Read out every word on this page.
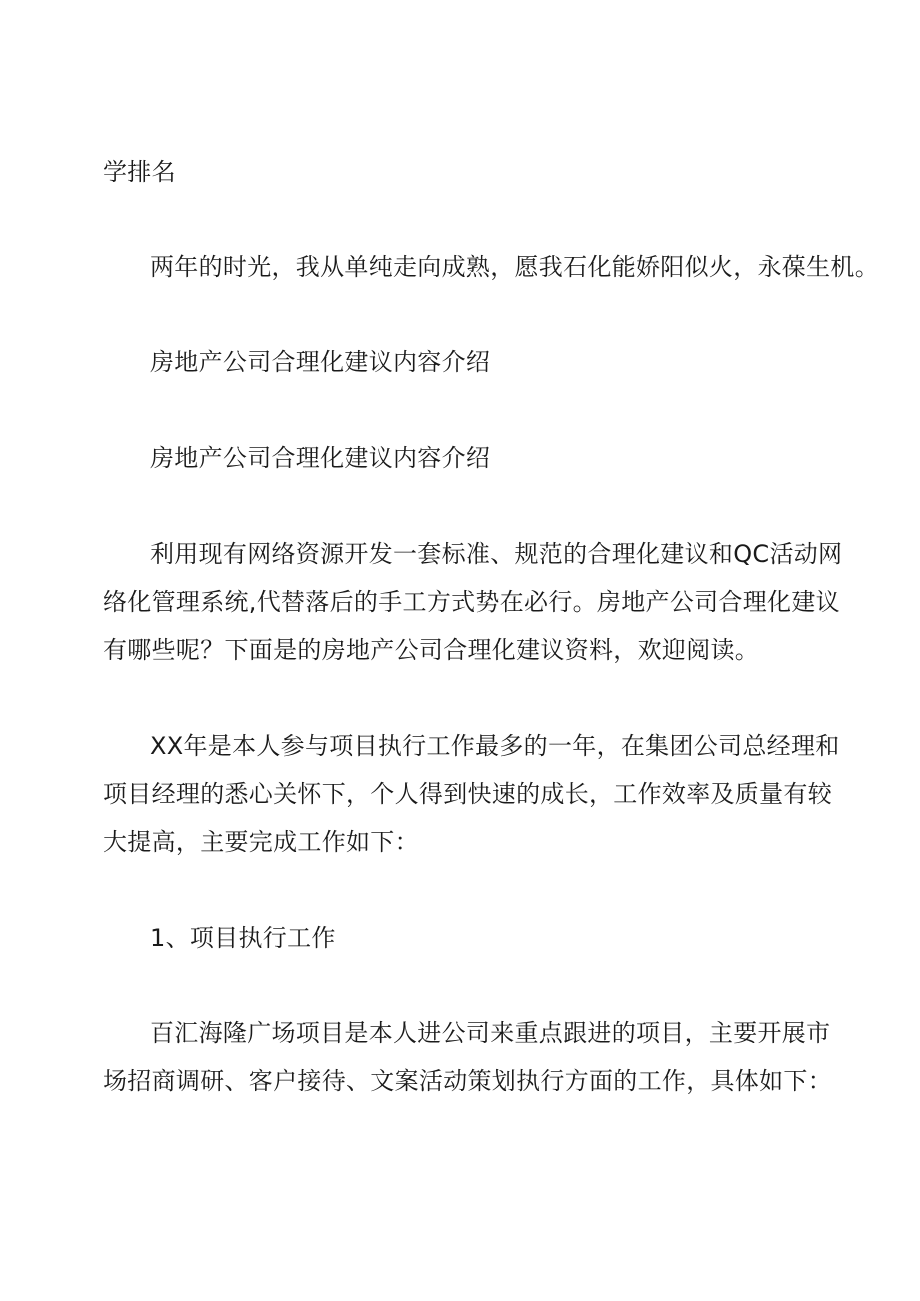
学排名
两年的时光，我从单纯走向成熟，愿我石化能娇阳似火，永葆生机。
房地产公司合理化建议内容介绍
房地产公司合理化建议内容介绍
利用现有网络资源开发一套标准、规范的合理化建议和QC活动网
络化管理系统,代替落后的手工方式势在必行。房地产公司合理化建议
有哪些呢？下面是的房地产公司合理化建议资料，欢迎阅读。
XX年是本人参与项目执行工作最多的一年，在集团公司总经理和
项目经理的悉心关怀下，个人得到快速的成长，工作效率及质量有较
大提高，主要完成工作如下：
1、项目执行工作
百汇海隆广场项目是本人进公司来重点跟进的项目，主要开展市
场招商调研、客户接待、文案活动策划执行方面的工作，具体如下：
